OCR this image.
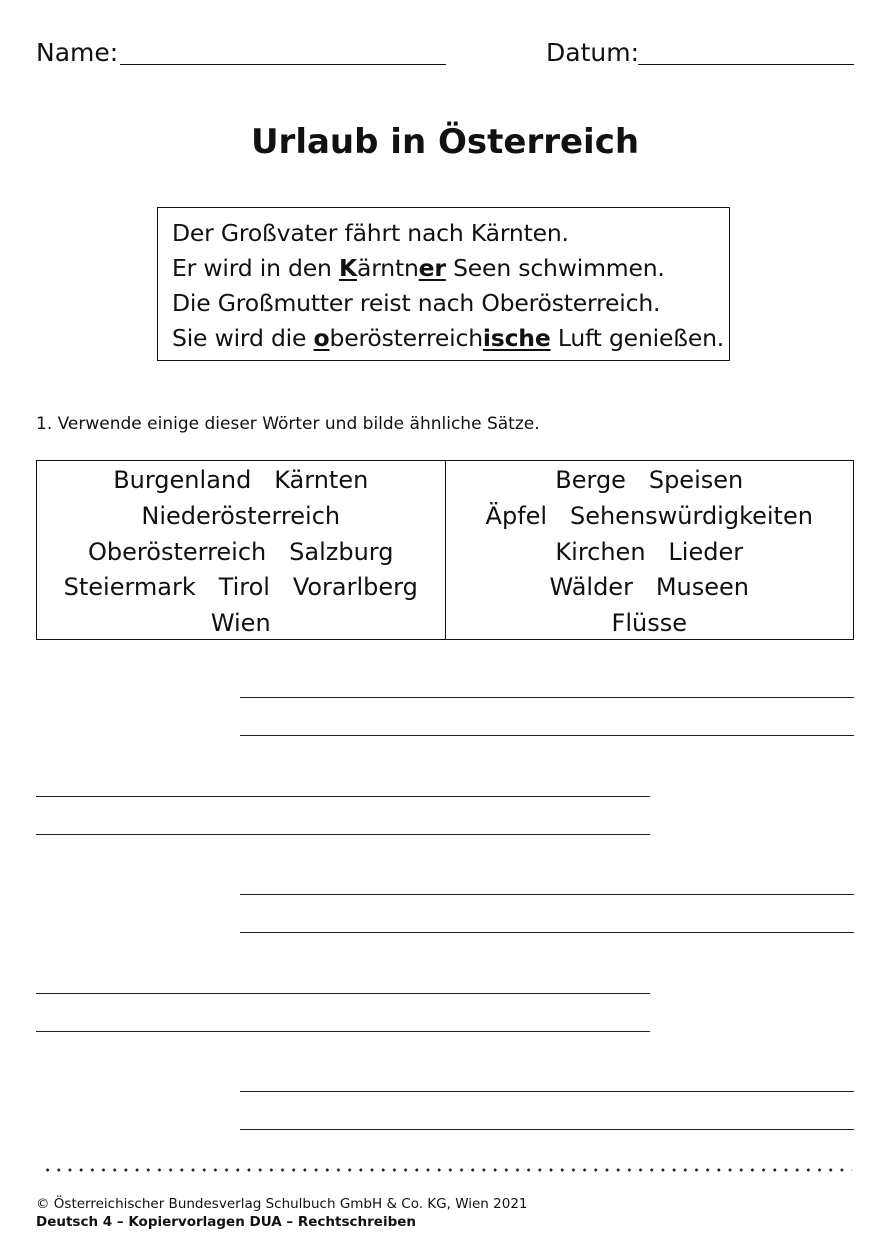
Name:	Datum:
Urlaub in Österreich
Der Großvater fährt nach Kärnten.
Er wird in den Kärntner Seen schwimmen.
Die Großmutter reist nach Oberösterreich.
Sie wird die oberösterreichische Luft genießen.
1. Verwende einige dieser Wörter und bilde ähnliche Sätze.
Burgenland   Kärnten
Niederösterreich
Oberösterreich   Salzburg
Steiermark   Tirol   Vorarlberg
Wien
Berge   Speisen
Äpfel   Sehenswürdigkeiten
Kirchen   Lieder
Wälder   Museen
Flüsse
© Österreichischer Bundesverlag Schulbuch GmbH & Co. KG, Wien 2021
Deutsch 4 – Kopiervorlagen DUA – Rechtschreiben
